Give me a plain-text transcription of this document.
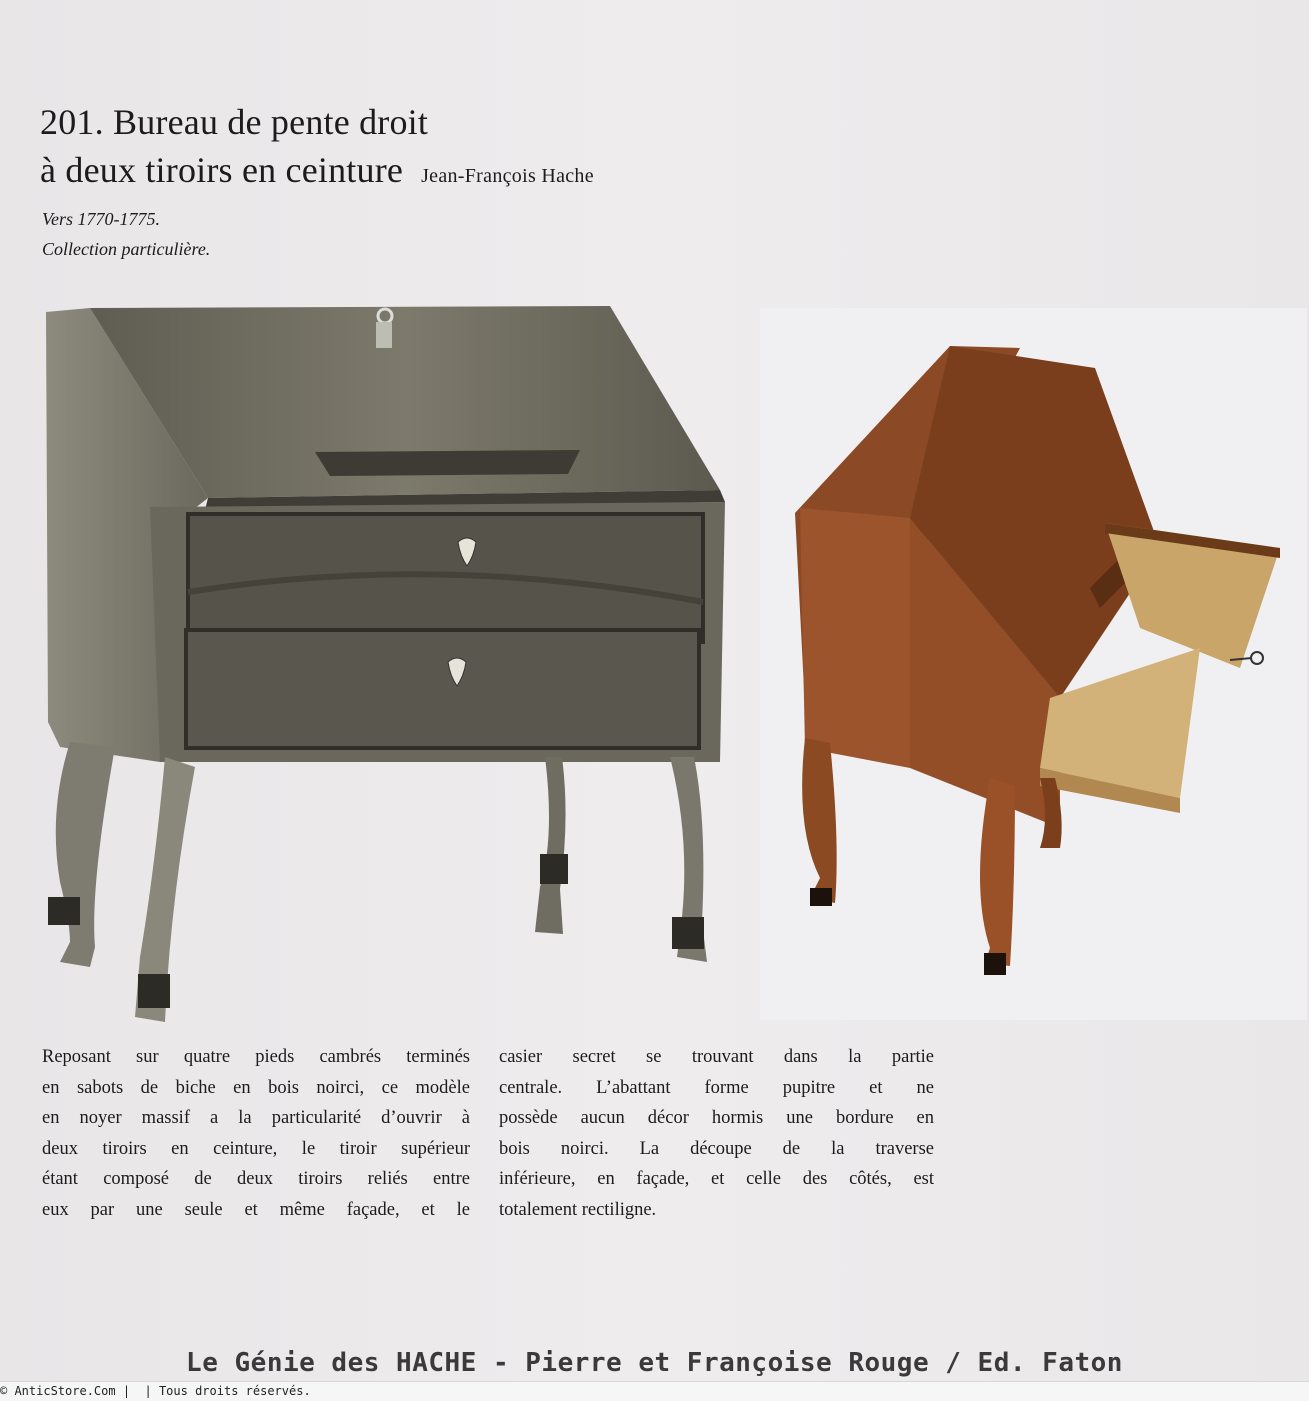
201. Bureau de pente droit
à deux tiroirs en ceinture Jean-François Hache
Vers 1770-1775.
Collection particulière.
Reposant sur quatre pieds cambrés terminés
en sabots de biche en bois noirci, ce modèle
en noyer massif a la particularité d’ouvrir à
deux tiroirs en ceinture, le tiroir supérieur
étant composé de deux tiroirs reliés entre
eux par une seule et même façade, et le
casier secret se trouvant dans la partie
centrale. L’abattant forme pupitre et ne
possède aucun décor hormis une bordure en
bois noirci. La découpe de la traverse
inférieure, en façade, et celle des côtés, est
totalement rectiligne.
Le Génie des HACHE - Pierre et Françoise Rouge / Ed. Faton
© AnticStore.Com |  | Tous droits réservés.
